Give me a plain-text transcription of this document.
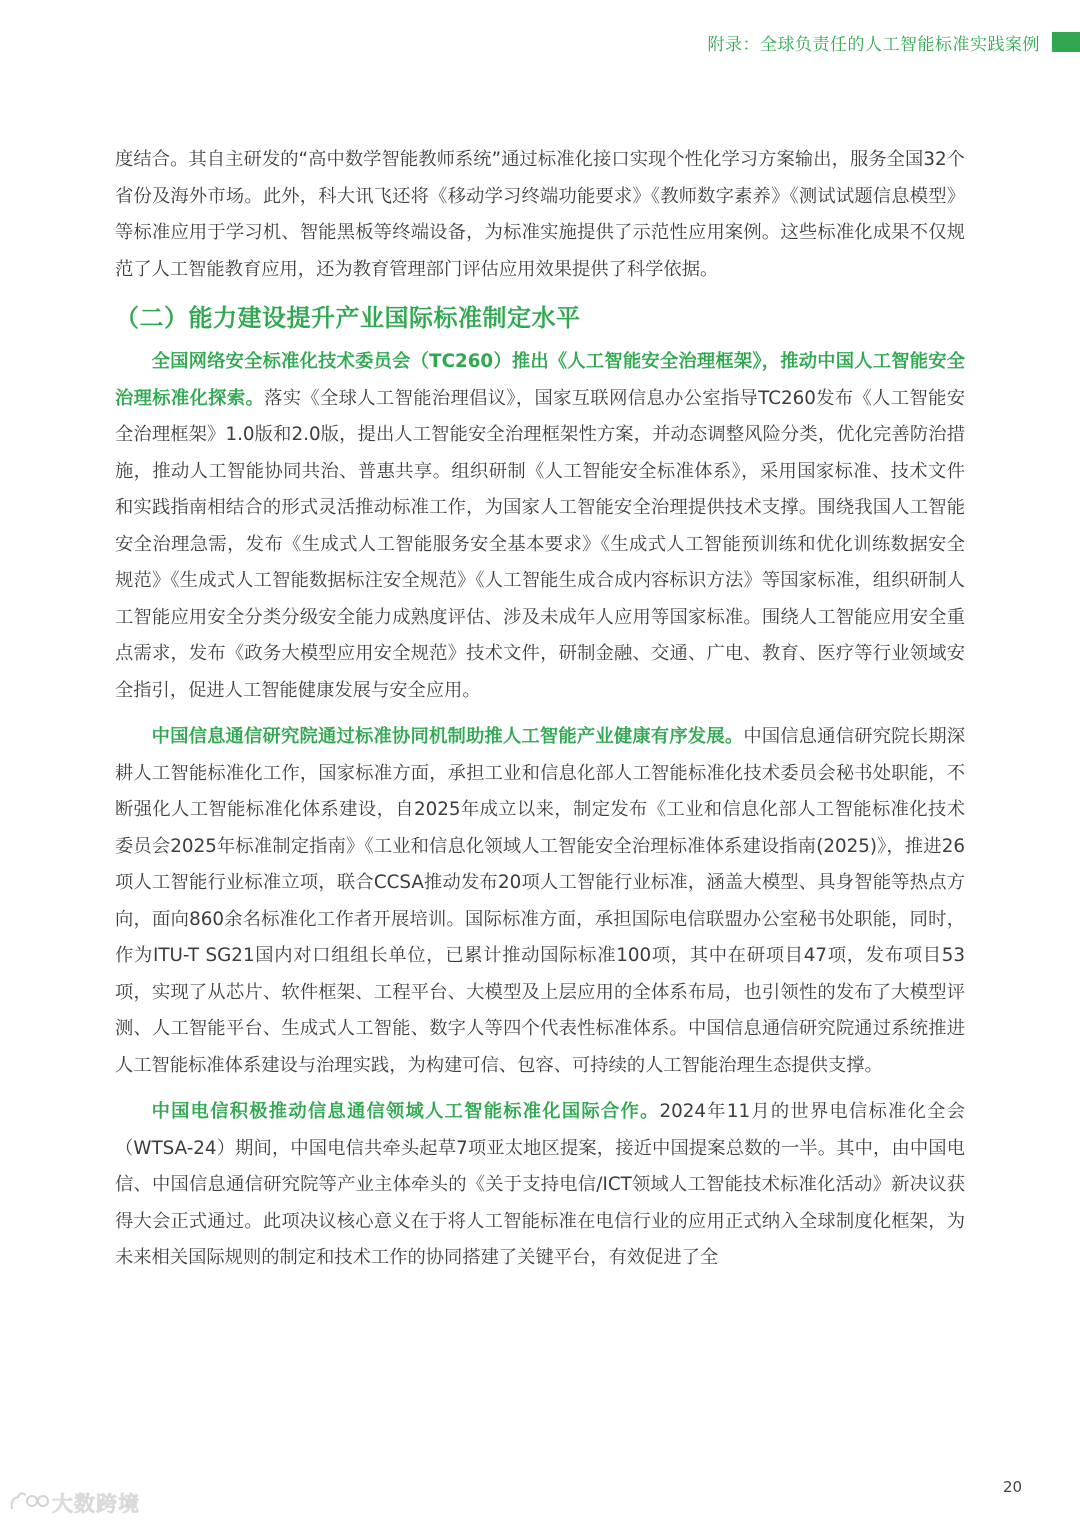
附录：全球负责任的人工智能标准实践案例

度结合。其自主研发的“高中数学智能教师系统”通过标准化接口实现个性化学习方案输出，服务全国32个省份及海外市场。此外，科大讯飞还将《移动学习终端功能要求》《教师数字素养》《测试试题信息模型》等标准应用于学习机、智能黑板等终端设备，为标准实施提供了示范性应用案例。这些标准化成果不仅规范了人工智能教育应用，还为教育管理部门评估应用效果提供了科学依据。

（二）能力建设提升产业国际标准制定水平

全国网络安全标准化技术委员会（TC260）推出《人工智能安全治理框架》，推动中国人工智能安全治理标准化探索。落实《全球人工智能治理倡议》，国家互联网信息办公室指导TC260发布《人工智能安全治理框架》1.0版和2.0版，提出人工智能安全治理框架性方案，并动态调整风险分类，优化完善防治措施，推动人工智能协同共治、普惠共享。组织研制《人工智能安全标准体系》，采用国家标准、技术文件和实践指南相结合的形式灵活推动标准工作，为国家人工智能安全治理提供技术支撑。围绕我国人工智能安全治理急需，发布《生成式人工智能服务安全基本要求》《生成式人工智能预训练和优化训练数据安全规范》《生成式人工智能数据标注安全规范》《人工智能生成合成内容标识方法》等国家标准，组织研制人工智能应用安全分类分级安全能力成熟度评估、涉及未成年人应用等国家标准。围绕人工智能应用安全重点需求，发布《政务大模型应用安全规范》技术文件，研制金融、交通、广电、教育、医疗等行业领域安全指引，促进人工智能健康发展与安全应用。

中国信息通信研究院通过标准协同机制助推人工智能产业健康有序发展。中国信息通信研究院长期深耕人工智能标准化工作，国家标准方面，承担工业和信息化部人工智能标准化技术委员会秘书处职能，不断强化人工智能标准化体系建设，自2025年成立以来，制定发布《工业和信息化部人工智能标准化技术委员会2025年标准制定指南》《工业和信息化领域人工智能安全治理标准体系建设指南(2025)》，推进26项人工智能行业标准立项，联合CCSA推动发布20项人工智能行业标准，涵盖大模型、具身智能等热点方向，面向860余名标准化工作者开展培训。国际标准方面，承担国际电信联盟办公室秘书处职能，同时，作为ITU-T SG21国内对口组组长单位，已累计推动国际标准100项，其中在研项目47项，发布项目53项，实现了从芯片、软件框架、工程平台、大模型及上层应用的全体系布局，也引领性的发布了大模型评测、人工智能平台、生成式人工智能、数字人等四个代表性标准体系。中国信息通信研究院通过系统推进人工智能标准体系建设与治理实践，为构建可信、包容、可持续的人工智能治理生态提供支撑。

中国电信积极推动信息通信领域人工智能标准化国际合作。2024年11月的世界电信标准化全会（WTSA-24）期间，中国电信共牵头起草7项亚太地区提案，接近中国提案总数的一半。其中，由中国电信、中国信息通信研究院等产业主体牵头的《关于支持电信/ICT领域人工智能技术标准化活动》新决议获得大会正式通过。此项决议核心意义在于将人工智能标准在电信行业的应用正式纳入全球制度化框架，为未来相关国际规则的制定和技术工作的协同搭建了关键平台，有效促进了全

20
大数跨境
